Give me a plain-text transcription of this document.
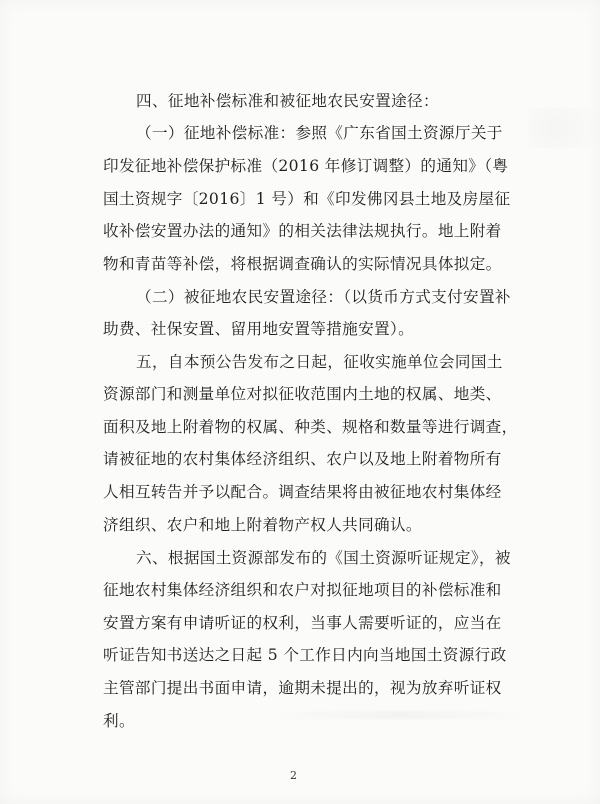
四、征地补偿标准和被征地农民安置途径：
（一）征地补偿标准：参照《广东省国土资源厅关于
印发征地补偿保护标准（2016 年修订调整）的通知》（粤
国土资规字〔2016〕1 号）和《印发佛冈县土地及房屋征
收补偿安置办法的通知》的相关法律法规执行。地上附着
物和青苗等补偿，将根据调查确认的实际情况具体拟定。
（二）被征地农民安置途径：（以货币方式支付安置补
助费、社保安置、留用地安置等措施安置）。
五，自本预公告发布之日起，征收实施单位会同国土
资源部门和测量单位对拟征收范围内土地的权属、地类、
面积及地上附着物的权属、种类、规格和数量等进行调查，
请被征地的农村集体经济组织、农户以及地上附着物所有
人相互转告并予以配合。调查结果将由被征地农村集体经
济组织、农户和地上附着物产权人共同确认。
六、根据国土资源部发布的《国土资源听证规定》，被
征地农村集体经济组织和农户对拟征地项目的补偿标准和
安置方案有申请听证的权利，当事人需要听证的，应当在
听证告知书送达之日起 5 个工作日内向当地国土资源行政
主管部门提出书面申请，逾期未提出的，视为放弃听证权
利。
2
